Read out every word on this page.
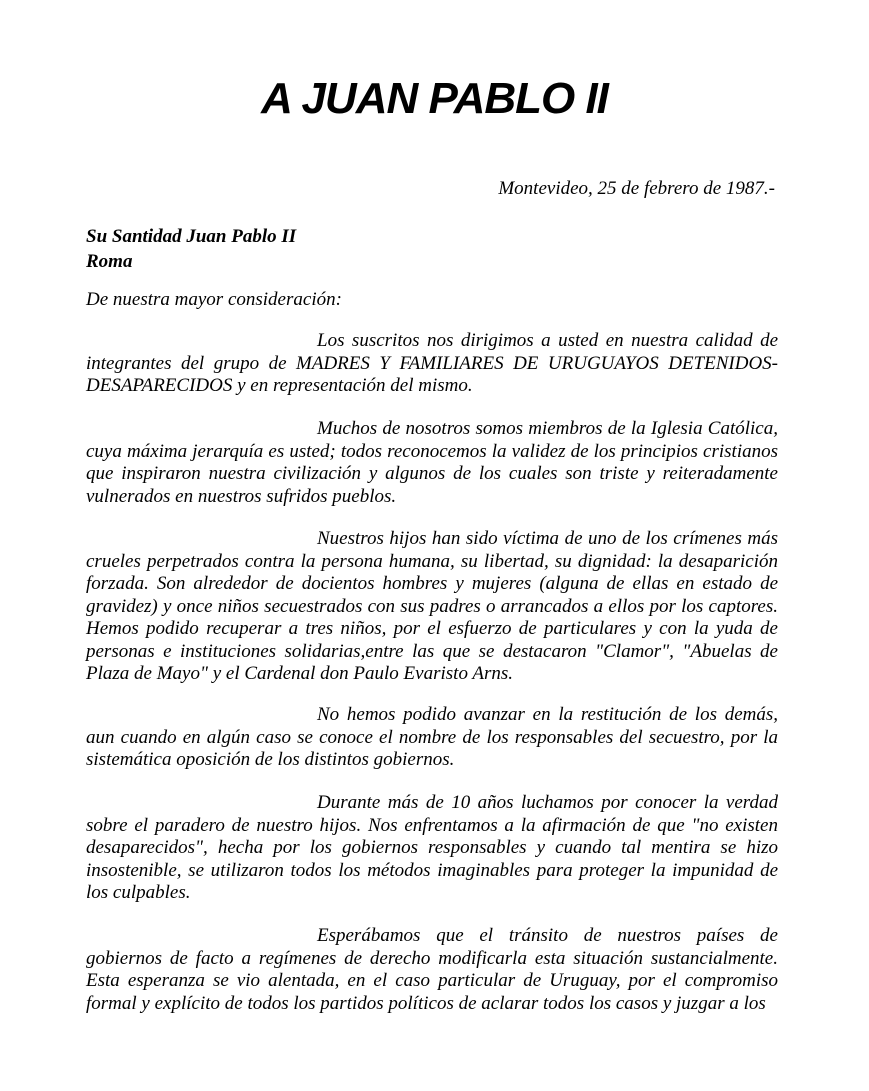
A JUAN PABLO II
Montevideo, 25 de febrero de 1987.-
Su Santidad Juan Pablo II
Roma
De nuestra mayor consideración:

Los suscritos nos dirigimos a usted en nuestra calidad de integrantes del grupo de MADRES Y FAMILIARES DE URUGUAYOS DETENIDOS-DESAPARECIDOS y en representación del mismo.

Muchos de nosotros somos miembros de la Iglesia Católica, cuya máxima jerarquía es usted; todos reconocemos la validez de los principios cristianos que inspiraron nuestra civilización y algunos de los cuales son triste y reiteradamente vulnerados en nuestros sufridos pueblos.

Nuestros hijos han sido víctima de uno de los crímenes más crueles perpetrados contra la persona humana, su libertad, su dignidad: la desaparición forzada. Son alrededor de docientos hombres y mujeres (alguna de ellas en estado de gravidez) y once niños secuestrados con sus padres o arrancados a ellos por los captores. Hemos podido recuperar a tres niños, por el esfuerzo de particulares y con la yuda de personas e instituciones solidarias,entre las que se destacaron "Clamor", "Abuelas de Plaza de Mayo" y el Cardenal don Paulo Evaristo Arns.

No hemos podido avanzar en la restitución de los demás, aun cuando en algún caso se conoce el nombre de los responsables del secuestro, por la sistemática oposición de los distintos gobiernos.

Durante más de 10 años luchamos por conocer la verdad sobre el paradero de nuestro hijos. Nos enfrentamos a la afirmación de que "no existen desaparecidos", hecha por los gobiernos responsables y cuando tal mentira se hizo insostenible, se utilizaron todos los métodos imaginables para proteger la impunidad de los culpables.

Esperábamos que el tránsito de nuestros países de gobiernos de facto a regímenes de derecho modificarla esta situación sustancialmente. Esta esperanza se vio alentada, en el caso particular de Uruguay, por el compromiso formal y explícito de todos los partidos políticos de aclarar todos los casos y juzgar a los
